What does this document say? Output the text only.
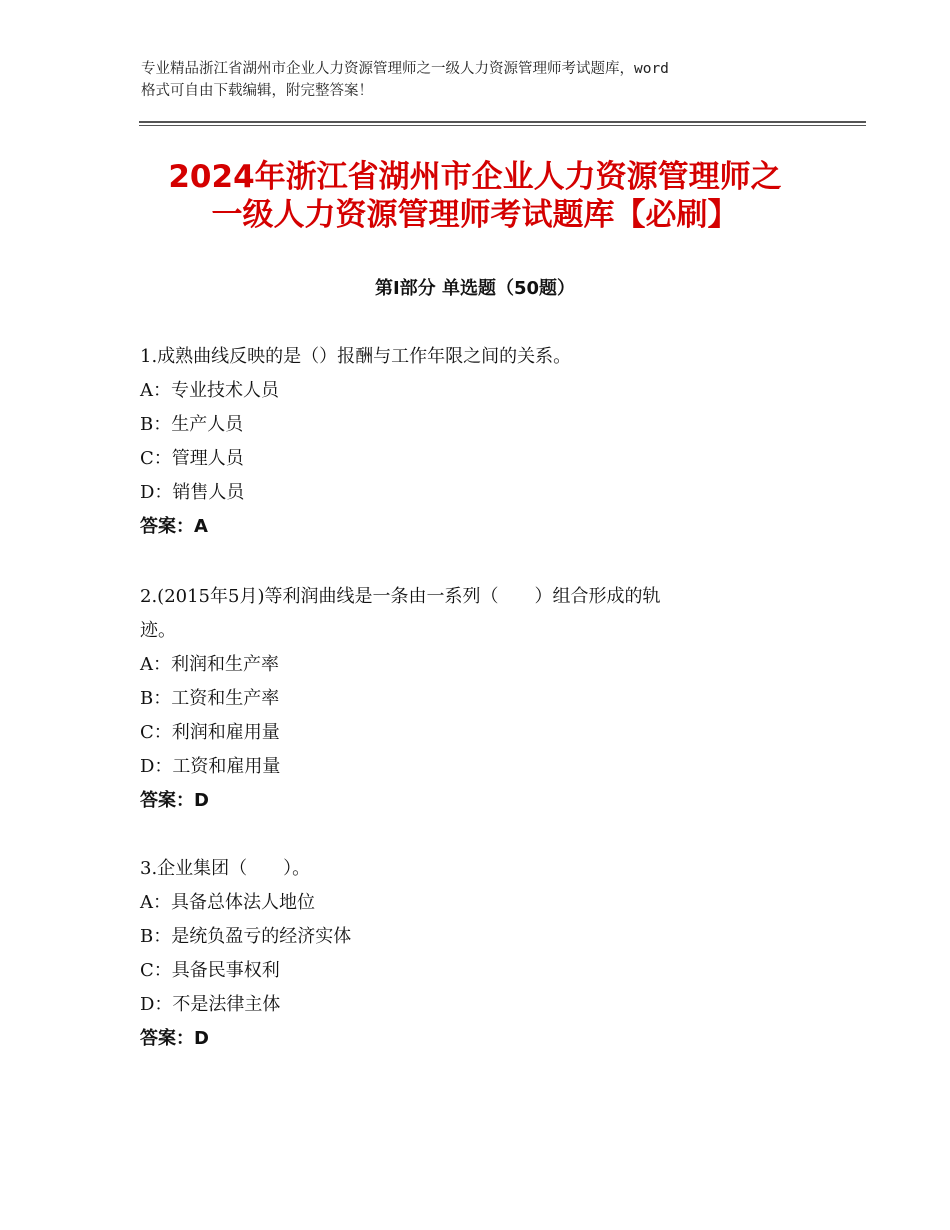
专业精品浙江省湖州市企业人力资源管理师之一级人力资源管理师考试题库，word
格式可自由下载编辑，附完整答案！
2024年浙江省湖州市企业人力资源管理师之
一级人力资源管理师考试题库【必刷】
第Ⅰ部分 单选题（50题）
1.成熟曲线反映的是（）报酬与工作年限之间的关系。
A：专业技术人员
B：生产人员
C：管理人员
D：销售人员
答案：A
2.(2015年5月)等利润曲线是一条由一系列（　　）组合形成的轨
迹。
A：利润和生产率
B：工资和生产率
C：利润和雇用量
D：工资和雇用量
答案：D
3.企业集团（　　）。
A：具备总体法人地位
B：是统负盈亏的经济实体
C：具备民事权利
D：不是法律主体
答案：D
